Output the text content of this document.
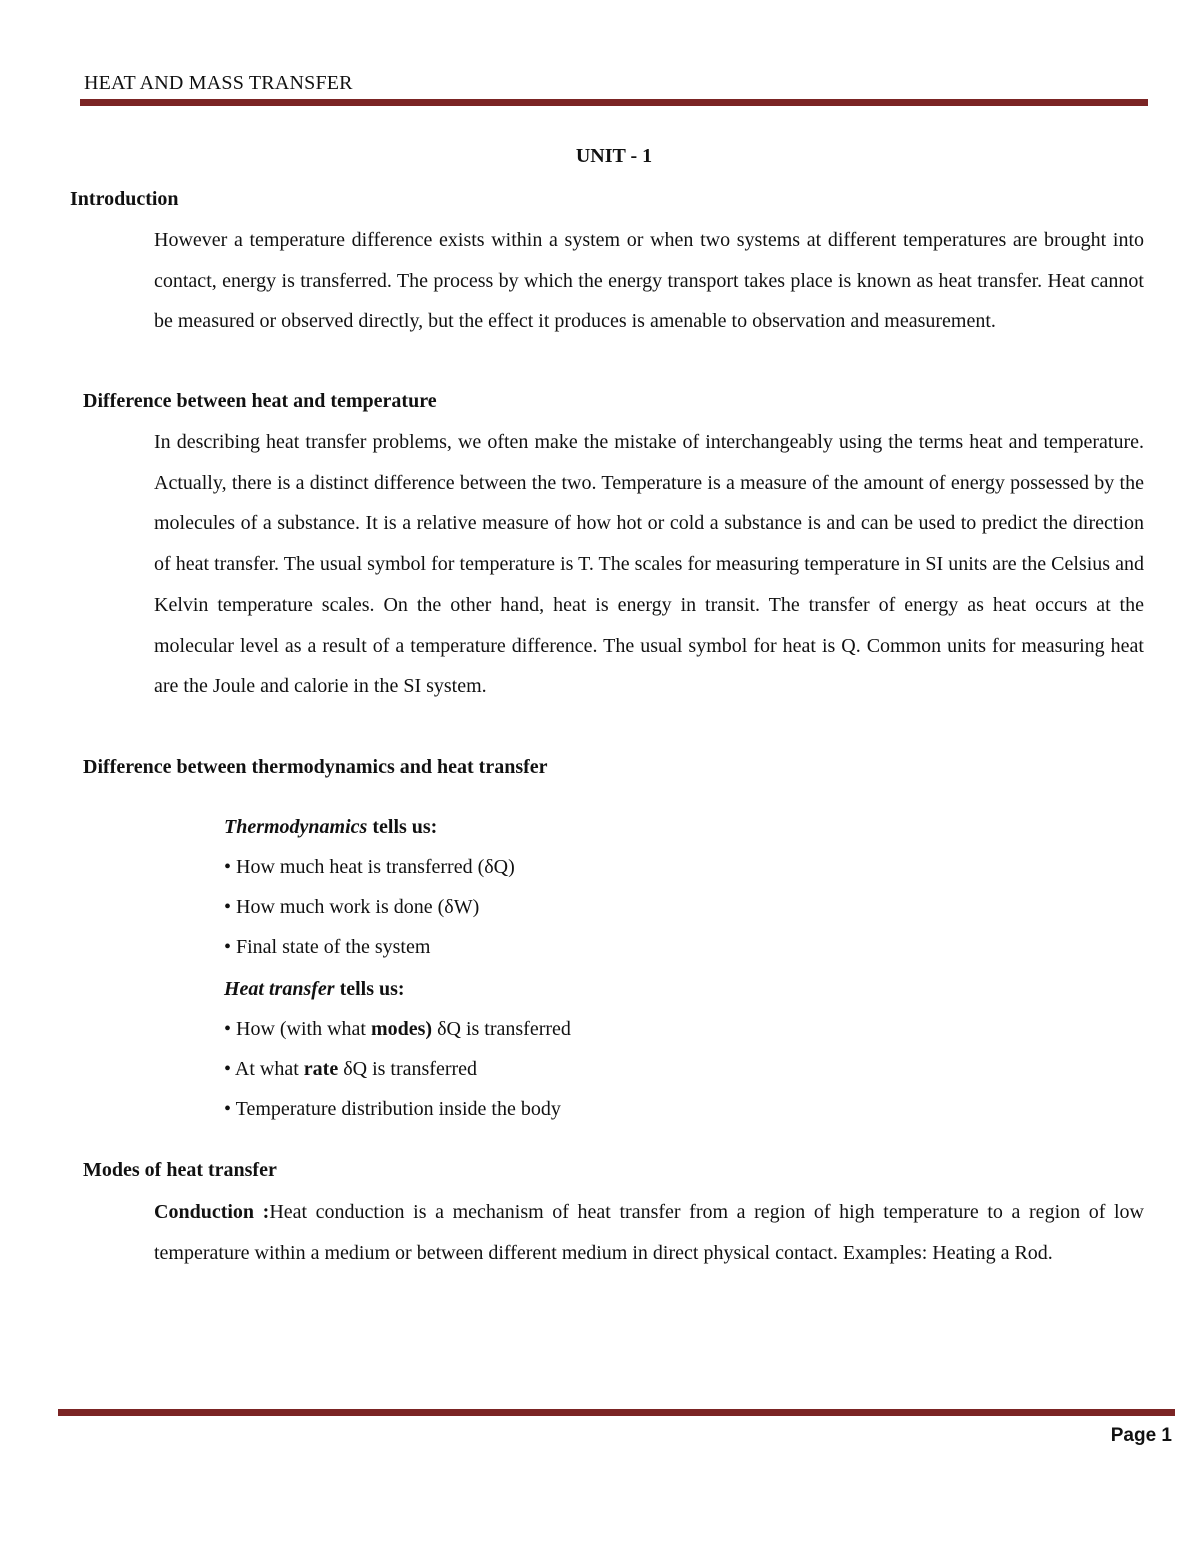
HEAT AND MASS TRANSFER
UNIT - 1
Introduction

However a temperature difference exists within a system or when two systems at different temperatures are brought into contact, energy is transferred. The process by which the energy transport takes place is known as heat transfer. Heat cannot be measured or observed directly, but the effect it produces is amenable to observation and measurement.

Difference between heat and temperature

In describing heat transfer problems, we often make the mistake of interchangeably using the terms heat and temperature. Actually, there is a distinct difference between the two. Temperature is a measure of the amount of energy possessed by the molecules of a substance. It is a relative measure of how hot or cold a substance is and can be used to predict the direction of heat transfer. The usual symbol for temperature is T. The scales for measuring temperature in SI units are the Celsius and Kelvin temperature scales. On the other hand, heat is energy in transit. The transfer of energy as heat occurs at the molecular level as a result of a temperature difference. The usual symbol for heat is Q. Common units for measuring heat are the Joule and calorie in the SI system.

Difference between thermodynamics and heat transfer
Thermodynamics tells us:
• How much heat is transferred (δQ)
• How much work is done (δW)
• Final state of the system
Heat transfer tells us:
• How (with what modes) δQ is transferred
• At what rate δQ is transferred
• Temperature distribution inside the body
Modes of heat transfer

Conduction :Heat conduction is a mechanism of heat transfer from a region of high temperature to a region of low temperature within a medium or between different medium in direct physical contact. Examples: Heating a Rod.

Page 1
